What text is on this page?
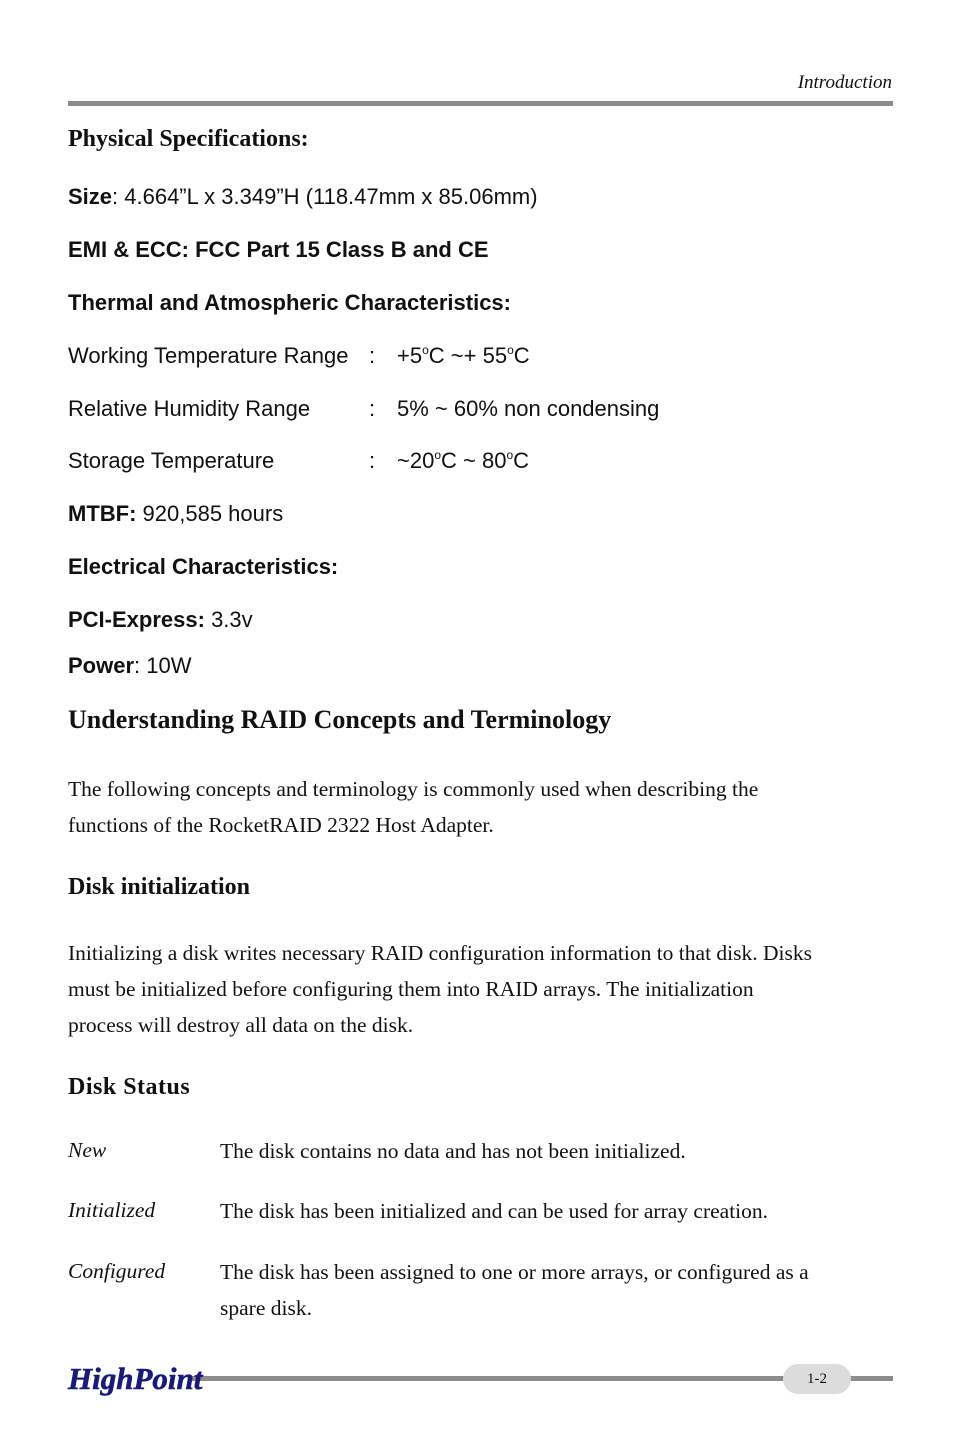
Introduction
Physical Specifications:
Size: 4.664”L x 3.349”H (118.47mm x 85.06mm)
EMI & ECC: FCC Part 15 Class B and CE
Thermal and Atmospheric Characteristics:
Working Temperature Range : $+5^oC$ ~+ $55^oC$
Relative Humidity Range	: 5% ~ 60% non condensing
Storage Temperature	: ~20$^o$C ~ 80$^o$C
MTBF: 920,585 hours
Electrical Characteristics:
PCI-Express: 3.3v
Power: 10W
Understanding RAID Concepts and Terminology
The following concepts and terminology is commonly used when describing the
functions of the RocketRAID 2322 Host Adapter.
Disk initialization
Initializing a disk writes necessary RAID configuration information to that disk. Disks
must be initialized before configuring them into RAID arrays. The initialization
process will destroy all data on the disk.
Disk Status
New	The disk contains no data and has not been initialized.
Initialized	The disk has been initialized and can be used for array creation.
Configured	The disk has been assigned to one or more arrays, or configured as a
spare disk.
HighPoint	1-2
